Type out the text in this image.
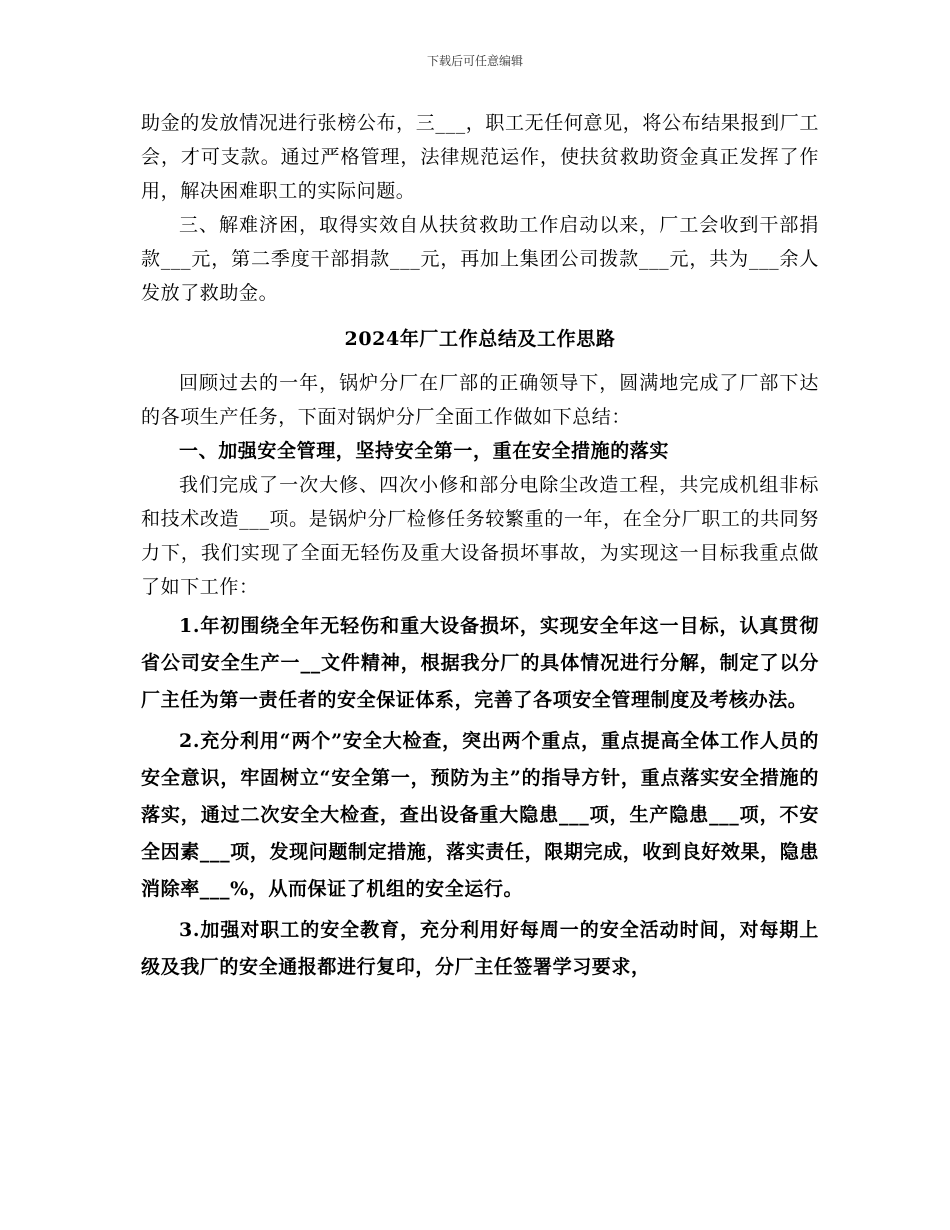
下载后可任意编辑

助金的发放情况进行张榜公布，三___，职工无任何意见，将公布结果报到厂工会，才可支款。通过严格管理，法律规范运作，使扶贫救助资金真正发挥了作用，解决困难职工的实际问题。

三、解难济困，取得实效自从扶贫救助工作启动以来，厂工会收到干部捐款___元，第二季度干部捐款___元，再加上集团公司拨款___元，共为___余人发放了救助金。

2024年厂工作总结及工作思路

回顾过去的一年，锅炉分厂在厂部的正确领导下，圆满地完成了厂部下达的各项生产任务，下面对锅炉分厂全面工作做如下总结：

一、加强安全管理，坚持安全第一，重在安全措施的落实

我们完成了一次大修、四次小修和部分电除尘改造工程，共完成机组非标和技术改造___项。是锅炉分厂检修任务较繁重的一年，在全分厂职工的共同努力下，我们实现了全面无轻伤及重大设备损坏事故，为实现这一目标我重点做了如下工作：

1.年初围绕全年无轻伤和重大设备损坏，实现安全年这一目标，认真贯彻省公司安全生产一__文件精神，根据我分厂的具体情况进行分解，制定了以分厂主任为第一责任者的安全保证体系，完善了各项安全管理制度及考核办法。

2.充分利用“两个”安全大检查，突出两个重点，重点提高全体工作人员的安全意识，牢固树立“安全第一，预防为主”的指导方针，重点落实安全措施的落实，通过二次安全大检查，查出设备重大隐患___项，生产隐患___项，不安全因素___项，发现问题制定措施，落实责任，限期完成，收到良好效果，隐患消除率___%，从而保证了机组的安全运行。

3.加强对职工的安全教育，充分利用好每周一的安全活动时间，对每期上级及我厂的安全通报都进行复印，分厂主任签署学习要求，
